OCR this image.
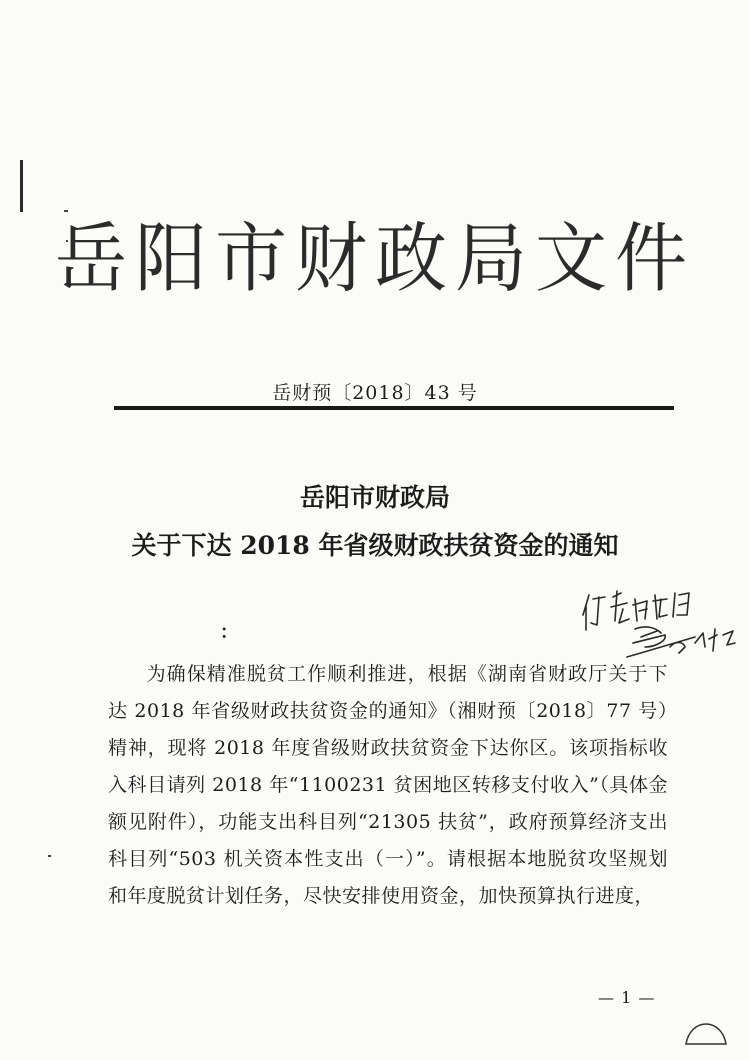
岳阳市财政局文件
岳财预〔2018〕43 号
岳阳市财政局
关于下达 2018 年省级财政扶贫资金的通知
：
为确保精准脱贫工作顺利推进，根据《湖南省财政厅关于下达 2018 年省级财政扶贫资金的通知》（湘财预〔2018〕77 号）精神，现将 2018 年度省级财政扶贫资金下达你区。该项指标收入科目请列 2018 年“1100231 贫困地区转移支付收入”（具体金额见附件），功能支出科目列“21305 扶贫”，政府预算经济支出科目列“503 机关资本性支出（一）”。请根据本地脱贫攻坚规划和年度脱贫计划任务，尽快安排使用资金，加快预算执行进度，
— 1 —
